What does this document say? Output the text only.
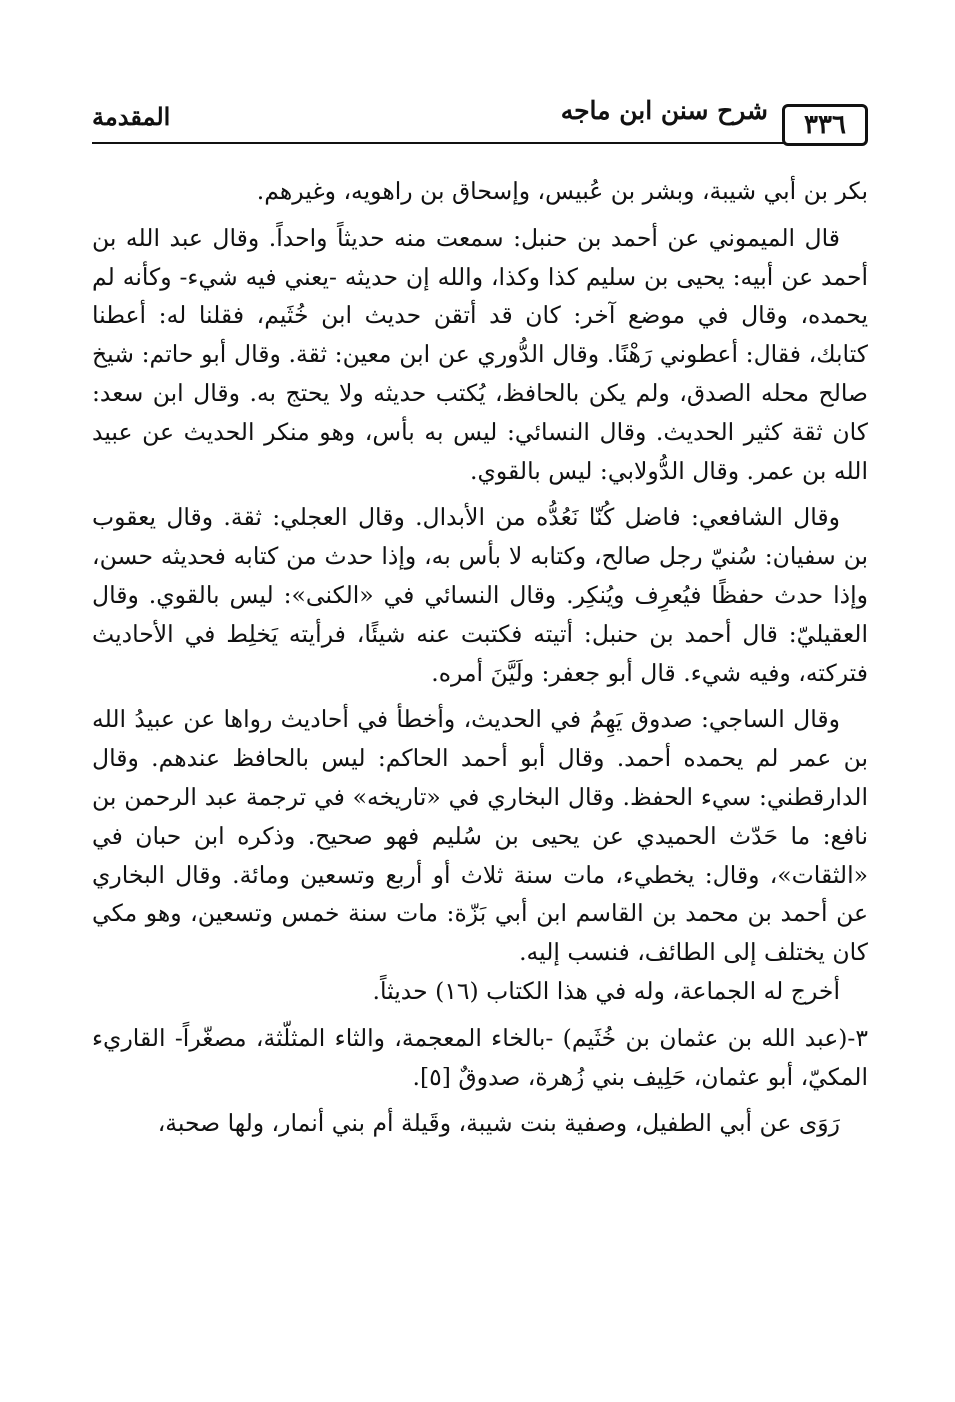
٣٣٦
شرح سنن ابن ماجه
المقدمة

بكر بن أبي شيبة، وبشر بن عُبيس، وإسحاق بن راهويه، وغيرهم.

قال الميموني عن أحمد بن حنبل: سمعت منه حديثاً واحداً. وقال عبد الله بن أحمد عن أبيه: يحيى بن سليم كذا وكذا، والله إن حديثه -يعني فيه شيء- وكأنه لم يحمده، وقال في موضع آخر: كان قد أتقن حديث ابن خُثَيم، فقلنا له: أعطنا كتابك، فقال: أعطوني رَهْنًا. وقال الدُّوري عن ابن معين: ثقة. وقال أبو حاتم: شيخ صالح محله الصدق، ولم يكن بالحافظ، يُكتب حديثه ولا يحتج به. وقال ابن سعد: كان ثقة كثير الحديث. وقال النسائي: ليس به بأس، وهو منكر الحديث عن عبيد الله بن عمر. وقال الدُّولابي: ليس بالقوي.

وقال الشافعي: فاضل كُنّا نَعُدُّه من الأبدال. وقال العجلي: ثقة. وقال يعقوب بن سفيان: سُنيّ رجل صالح، وكتابه لا بأس به، وإذا حدث من كتابه فحديثه حسن، وإذا حدث حفظًا فيُعرِف ويُنكِر. وقال النسائي في «الكنى»: ليس بالقوي. وقال العقيليّ: قال أحمد بن حنبل: أتيته فكتبت عنه شيئًا، فرأيته يَخلِط في الأحاديث فتركته، وفيه شيء. قال أبو جعفر: ولَيَّنَ أمره.

وقال الساجي: صدوق يَهِمُ في الحديث، وأخطأ في أحاديث رواها عن عبيدُ الله بن عمر لم يحمده أحمد. وقال أبو أحمد الحاكم: ليس بالحافظ عندهم. وقال الدارقطني: سيء الحفظ. وقال البخاري في «تاريخه» في ترجمة عبد الرحمن بن نافع: ما حَدّث الحميدي عن يحيى بن سُليم فهو صحيح. وذكره ابن حبان في «الثقات»، وقال: يخطيء، مات سنة ثلاث أو أربع وتسعين ومائة. وقال البخاري عن أحمد بن محمد بن القاسم ابن أبي بَزّة: مات سنة خمس وتسعين، وهو مكي كان يختلف إلى الطائف، فنسب إليه.

أخرج له الجماعة، وله في هذا الكتاب (١٦) حديثاً.

٣-(عبد الله بن عثمان بن خُثَيم) -بالخاء المعجمة، والثاء المثلّثة، مصغّراً- القاريء المكيّ، أبو عثمان، حَلِيف بني زُهرة، صدوقٌ [٥].

رَوَى عن أبي الطفيل، وصفية بنت شيبة، وقَيلة أم بني أنمار، ولها صحبة،
